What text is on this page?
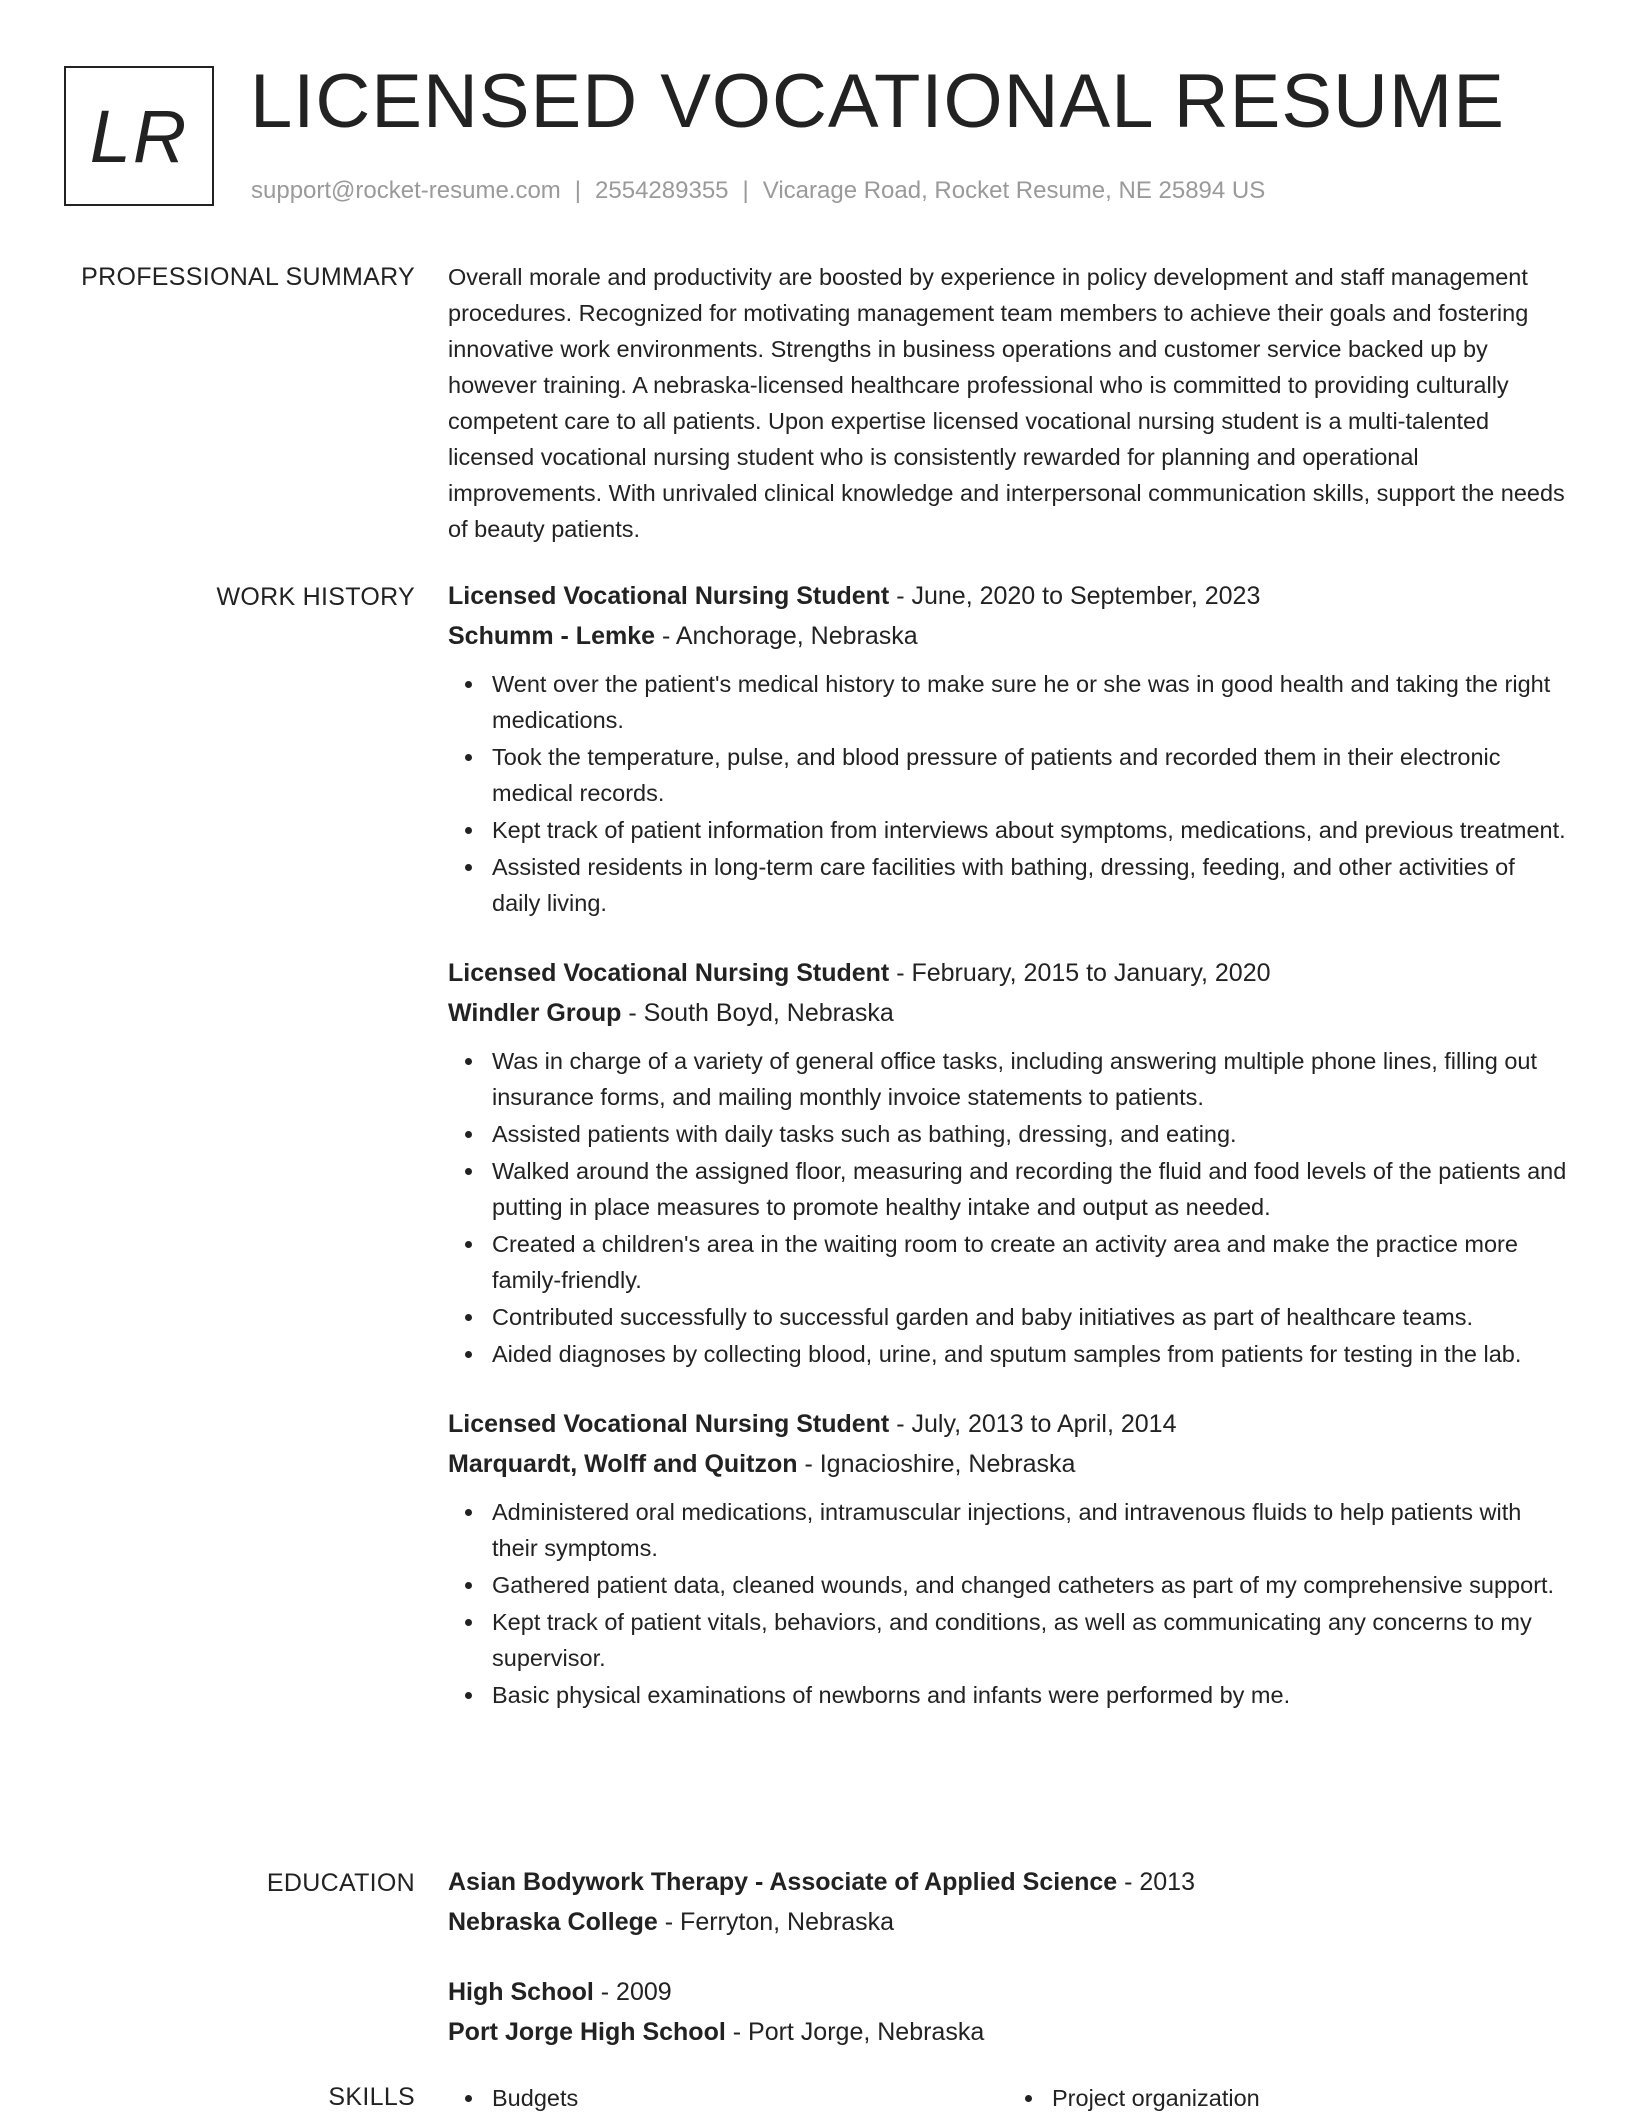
LR LICENSED VOCATIONAL RESUME
support@rocket-resume.com | 2554289355 | Vicarage Road, Rocket Resume, NE 25894 US
PROFESSIONAL SUMMARY Overall morale and productivity are boosted by experience in policy development and staff management procedures. Recognized for motivating management team members to achieve their goals and fostering innovative work environments. Strengths in business operations and customer service backed up by however training. A nebraska-licensed healthcare professional who is committed to providing culturally competent care to all patients. Upon expertise licensed vocational nursing student is a multi-talented licensed vocational nursing student who is consistently rewarded for planning and operational improvements. With unrivaled clinical knowledge and interpersonal communication skills, support the needs of beauty patients.

WORK HISTORY Licensed Vocational Nursing Student - June, 2020 to September, 2023
Schumm - Lemke - Anchorage, Nebraska
Went over the patient's medical history to make sure he or she was in good health and taking the right medications.
Took the temperature, pulse, and blood pressure of patients and recorded them in their electronic medical records.
Kept track of patient information from interviews about symptoms, medications, and previous treatment.
Assisted residents in long-term care facilities with bathing, dressing, feeding, and other activities of daily living.
Licensed Vocational Nursing Student - February, 2015 to January, 2020
Windler Group - South Boyd, Nebraska
Was in charge of a variety of general office tasks, including answering multiple phone lines, filling out insurance forms, and mailing monthly invoice statements to patients.
Assisted patients with daily tasks such as bathing, dressing, and eating.
Walked around the assigned floor, measuring and recording the fluid and food levels of the patients and putting in place measures to promote healthy intake and output as needed.
Created a children's area in the waiting room to create an activity area and make the practice more family-friendly.
Contributed successfully to successful garden and baby initiatives as part of healthcare teams.
Aided diagnoses by collecting blood, urine, and sputum samples from patients for testing in the lab.
Licensed Vocational Nursing Student - July, 2013 to April, 2014
Marquardt, Wolff and Quitzon - Ignacioshire, Nebraska
Administered oral medications, intramuscular injections, and intravenous fluids to help patients with their symptoms.
Gathered patient data, cleaned wounds, and changed catheters as part of my comprehensive support.
Kept track of patient vitals, behaviors, and conditions, as well as communicating any concerns to my supervisor.
Basic physical examinations of newborns and infants were performed by me.
EDUCATION Asian Bodywork Therapy - Associate of Applied Science - 2013
Nebraska College - Ferryton, Nebraska
High School - 2009
Port Jorge High School - Port Jorge, Nebraska
SKILLS	Budgets	Project organization
